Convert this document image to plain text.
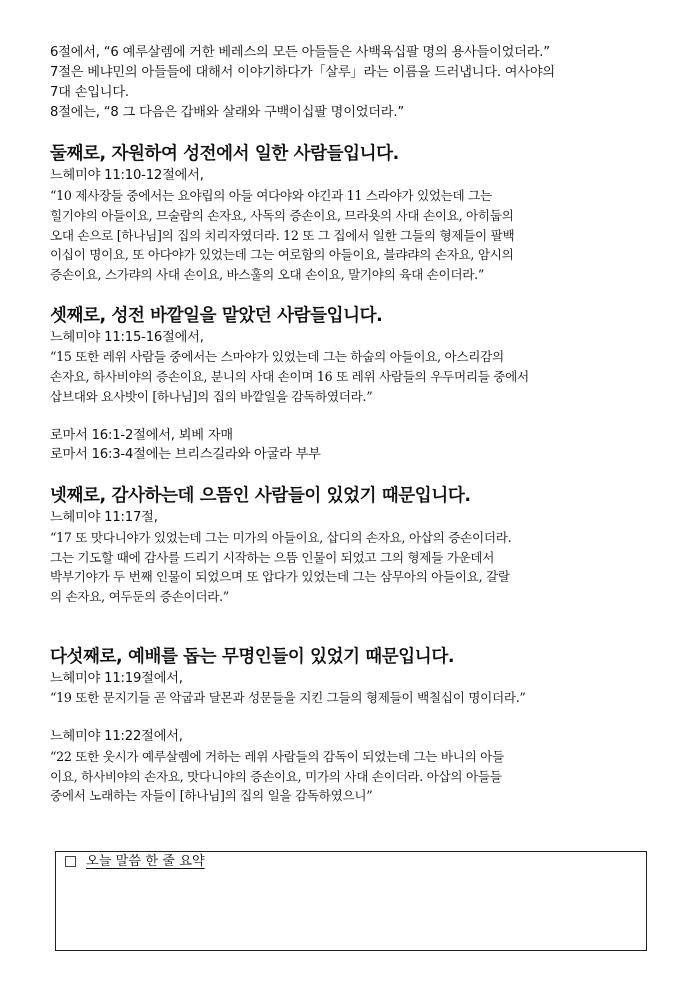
6절에서, “6 예루살렘에 거한 베레스의 모든 아들들은 사백육십팔 명의 용사들이었더라.”
7절은 베냐민의 아들들에 대해서 이야기하다가「살루」라는 이름을 드러냅니다. 여사야의
7대 손입니다.
8절에는, “8 그 다음은 갑배와 살래와 구백이십팔 명이었더라.”
둘째로, 자원하여 성전에서 일한 사람들입니다.
느헤미야 11:10-12절에서,
“10 제사장들 중에서는 요야립의 아들 여다야와 야긴과 11 스라야가 있었는데 그는
힐기야의 아들이요, 므술람의 손자요, 사독의 증손이요, 므라욧의 사대 손이요, 아히둡의
오대 손으로 [하나님]의 집의 치리자였더라. 12 또 그 집에서 일한 그들의 형제들이 팔백
이십이 명이요, 또 아다야가 있었는데 그는 여로함의 아들이요, 블랴랴의 손자요, 암시의
증손이요, 스가랴의 사대 손이요, 바스훌의 오대 손이요, 말기야의 육대 손이더라.”
셋째로, 성전 바깥일을 맡았던 사람들입니다.
느헤미야 11:15-16절에서,
“15 또한 레위 사람들 중에서는 스마야가 있었는데 그는 하숩의 아들이요, 아스리감의
손자요, 하사비야의 증손이요, 분니의 사대 손이며 16 또 레위 사람들의 우두머리들 중에서
삽브대와 요사밧이 [하나님]의 집의 바깥일을 감독하였더라.”
로마서 16:1-2절에서, 뵈베 자매
로마서 16:3-4절에는 브리스길라와 아굴라 부부
넷째로, 감사하는데 으뜸인 사람들이 있었기 때문입니다.
느헤미야 11:17절,
“17 또 맛다니야가 있었는데 그는 미가의 아들이요, 삽디의 손자요, 아삽의 증손이더라.
그는 기도할 때에 감사를 드리기 시작하는 으뜸 인물이 되었고 그의 형제들 가운데서
박부기야가 두 번째 인물이 되었으며 또 압다가 있었는데 그는 삼무아의 아들이요, 갈랄
의 손자요, 여두둔의 증손이더라.”
다섯째로, 예배를 돕는 무명인들이 있었기 때문입니다.
느헤미야 11:19절에서,
“19 또한 문지기들 곧 악굽과 달몬과 성문들을 지킨 그들의 형제들이 백칠십이 명이더라.”
느헤미야 11:22절에서,
“22 또한 웃시가 예루살렘에 거하는 레위 사람들의 감독이 되었는데 그는 바니의 아들
이요, 하사비야의 손자요, 맛다니야의 증손이요, 미가의 사대 손이더라. 아삽의 아들들
중에서 노래하는 자들이 [하나님]의 집의 일을 감독하였으니”
오늘 말씀 한 줄 요약
